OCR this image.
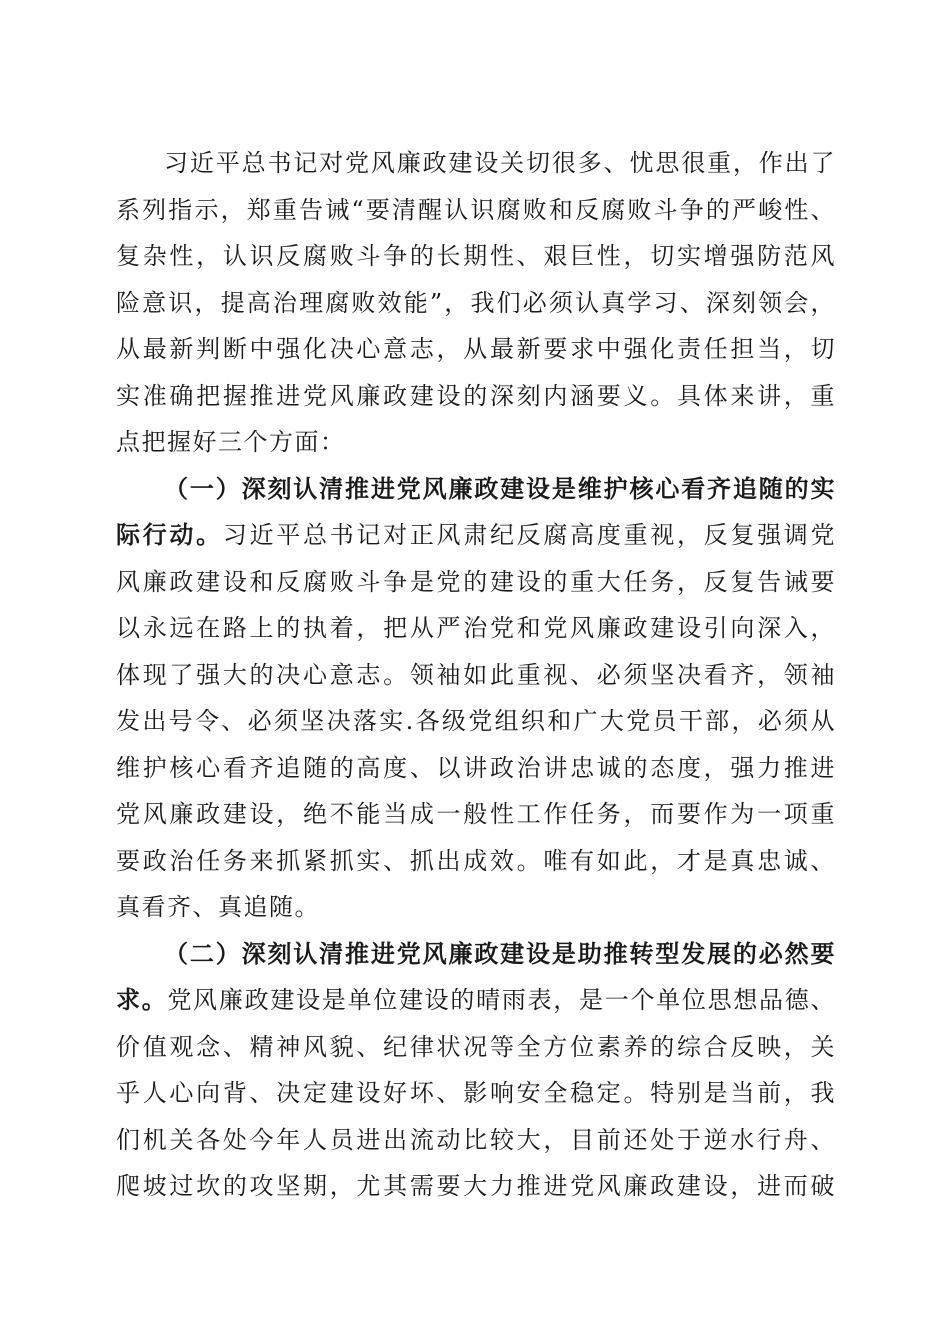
习近平总书记对党风廉政建设关切很多、忧思很重，作出了
系列指示，郑重告诫“要清醒认识腐败和反腐败斗争的严峻性、
复杂性，认识反腐败斗争的长期性、艰巨性，切实增强防范风
险意识，提高治理腐败效能”，我们必须认真学习、深刻领会，
从最新判断中强化决心意志，从最新要求中强化责任担当，切
实准确把握推进党风廉政建设的深刻内涵要义。具体来讲，重
点把握好三个方面：
（一）深刻认清推进党风廉政建设是维护核心看齐追随的实
际行动。习近平总书记对正风肃纪反腐高度重视，反复强调党
风廉政建设和反腐败斗争是党的建设的重大任务，反复告诫要
以永远在路上的执着，把从严治党和党风廉政建设引向深入，
体现了强大的决心意志。领袖如此重视、必须坚决看齐，领袖
发出号令、必须坚决落实.各级党组织和广大党员干部，必须从
维护核心看齐追随的高度、以讲政治讲忠诚的态度，强力推进
党风廉政建设，绝不能当成一般性工作任务，而要作为一项重
要政治任务来抓紧抓实、抓出成效。唯有如此，才是真忠诚、
真看齐、真追随。
（二）深刻认清推进党风廉政建设是助推转型发展的必然要
求。党风廉政建设是单位建设的晴雨表，是一个单位思想品德、
价值观念、精神风貌、纪律状况等全方位素养的综合反映，关
乎人心向背、决定建设好坏、影响安全稳定。特别是当前，我
们机关各处今年人员进出流动比较大，目前还处于逆水行舟、
爬坡过坎的攻坚期，尤其需要大力推进党风廉政建设，进而破
